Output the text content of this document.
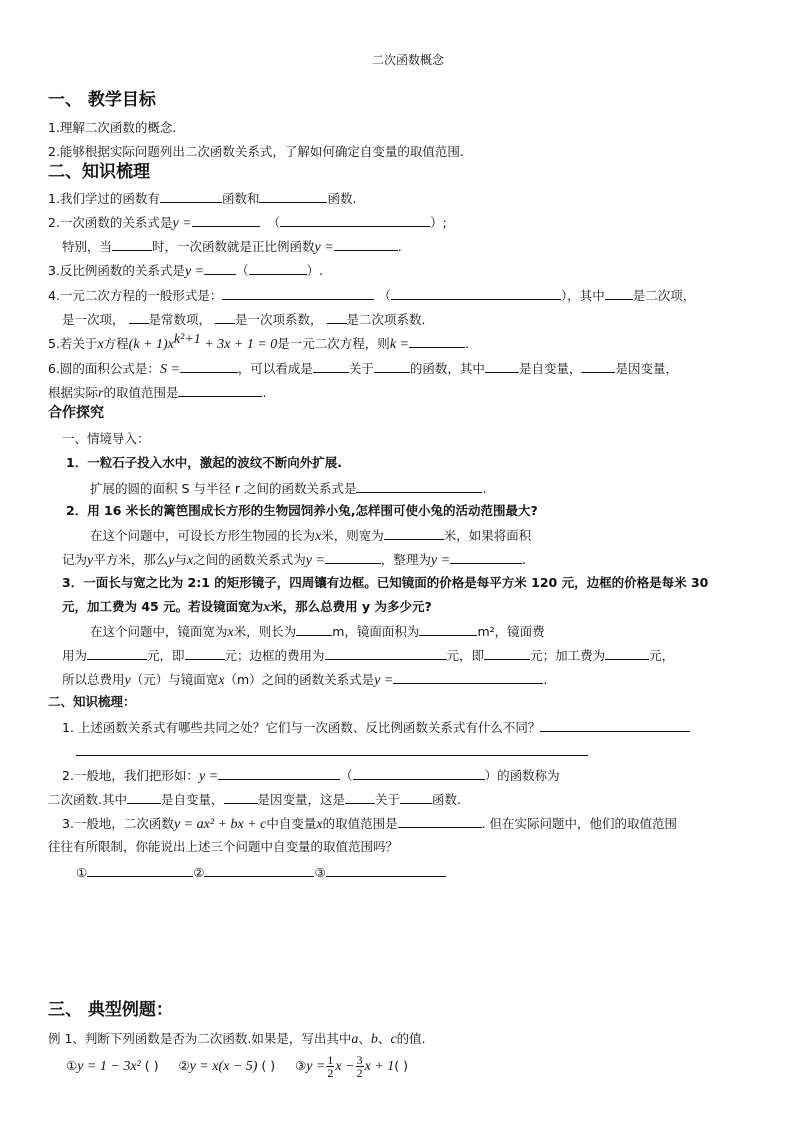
二次函数概念
一、 教学目标
1.理解二次函数的概念.
2.能够根据实际问题列出二次函数关系式，了解如何确定自变量的取值范围.
二、知识梳理
1.我们学过的函数有	函数和	函数.
2.一次函数的关系式是y =	（	）;
特别，当	时，一次函数就是正比例函数y =	.
3.反比例函数的关系式是y =	（	）.
4.一元二次方程的一般形式是：	（	），其中 是二次项，
是一次项， 是常数项， 是一次项系数， 是二次项系数.
5.若关于x方程$(k + 1)x^{k^2+1} + 3x + 1 = 0$是一元二次方程，则k =	.
6.圆的面积公式是：S =	，可以看成是	关于	的函数，其中	是自变量，	是因变量，
根据实际r的取值范围是	.
合作探究
一、情境导入：
1．一粒石子投入水中，激起的波纹不断向外扩展.
扩展的圆的面积 S 与半径 r 之间的函数关系式是	.
2．用 16 米长的篱笆围成长方形的生物园饲养小兔,怎样围可使小兔的活动范围最大?
在这个问题中，可设长方形生物园的长为x米，则宽为	米，如果将面积
记为y平方米，那么y与x之间的函数关系式为y =	，整理为y =	.
3．一面长与宽之比为 2:1 的矩形镜子，四周镶有边框。已知镜面的价格是每平方米 120 元，边框的价格是每米 30
元，加工费为 45 元。若设镜面宽为x米，那么总费用 y 为多少元?
在这个问题中，镜面宽为x米，则长为	m，镜面面积为	m²，镜面费
用为	元，即	元；边框的费用为	元，即	元；加工费为	元，
所以总费用y（元）与镜面宽x（m）之间的函数关系式是y =	.
二、知识梳理：
1. 上述函数关系式有哪些共同之处？它们与一次函数、反比例函数关系式有什么不同？
2.一般地，我们把形如：y =	（	）的函数称为
二次函数.其中	是自变量，	是因变量，这是 关于	函数.
3.一般地，二次函数y = ax² + bx + c中自变量x的取值范围是	. 但在实际问题中，他们的取值范围
往往有所限制，你能说出上述三个问题中自变量的取值范围吗？
①	②	③
三、 典型例题：
例 1、判断下列函数是否为二次函数.如果是，写出其中a、b、c的值.
①y = 1 − 3x² ( ) ②y = x(x − 5) ( ) ③y = $\frac{1}{2}$ $x - \frac{3}{2}$ x + 1( )
